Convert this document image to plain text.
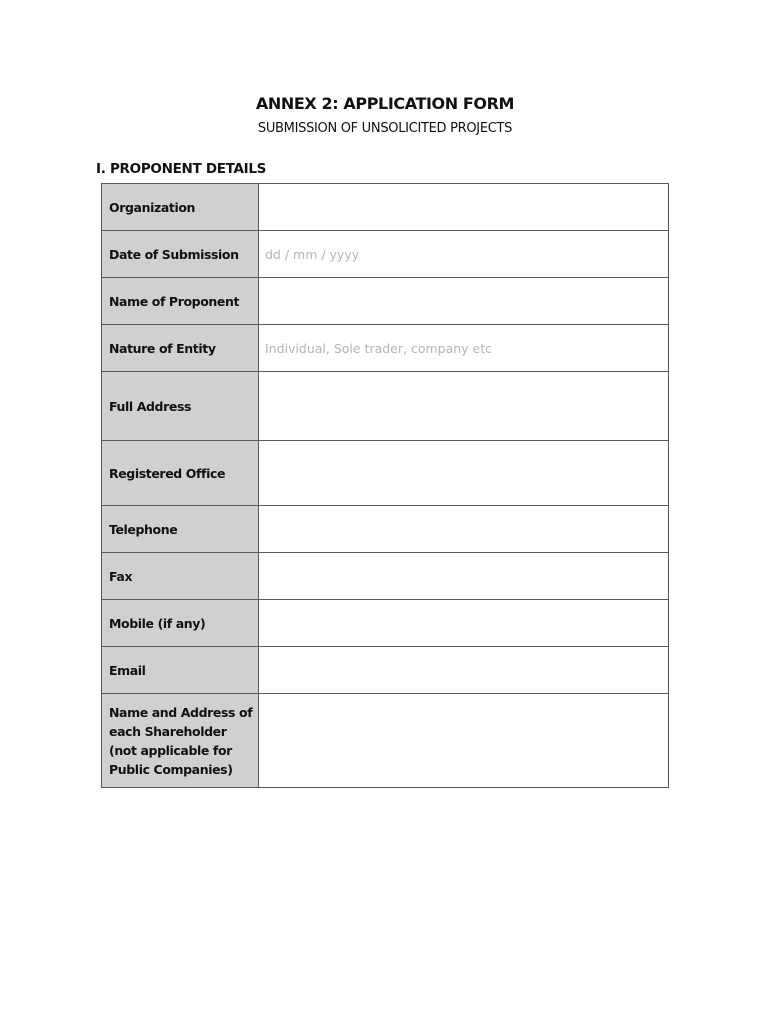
ANNEX 2: APPLICATION FORM
SUBMISSION OF UNSOLICITED PROJECTS
I. PROPONENT DETAILS
Organization	
Date of Submission	dd / mm / yyyy
Name of Proponent	
Nature of Entity	Individual, Sole trader, company etc
Full Address	
Registered Office	
Telephone	
Fax	
Mobile (if any)	
Email	
Name and Address of each Shareholder (not applicable for Public Companies)	
